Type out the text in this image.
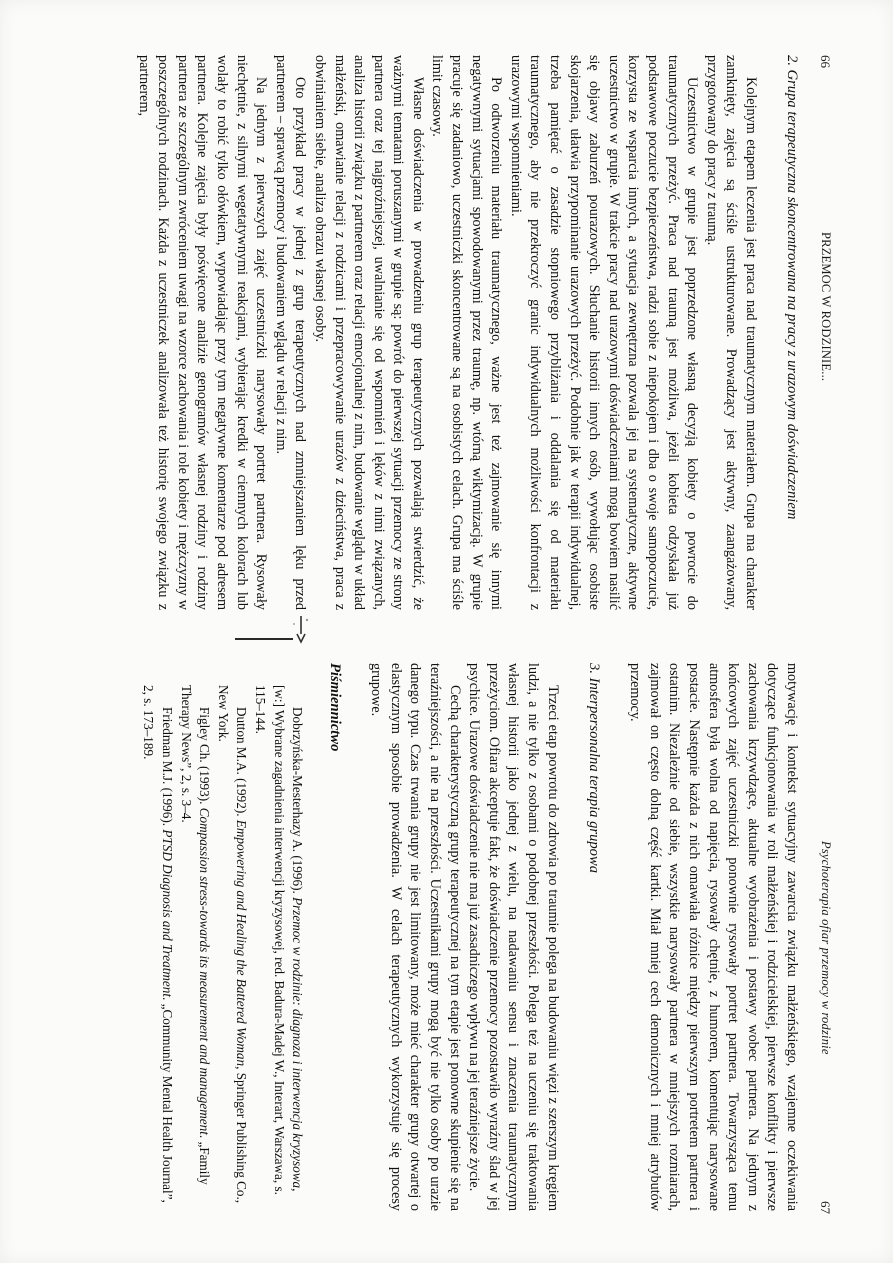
66
PRZEMOC W RODZINIE...
2. Grupa terapeutyczna skoncentrowana na pracy z urazowym doświadczeniem

Kolejnym etapem leczenia jest praca nad traumatycznym materiałem. Grupa ma charakter zamknięty, zajęcia są ściśle ustrukturowane. Prowadzący jest aktywny, zaangażowany, przygotowany do pracy z traumą.

Uczestnictwo w grupie jest poprzedzone własną decyzją kobiety o powrocie do traumatycznych przeżyć. Praca nad traumą jest możliwa, jeżeli kobieta odzyskała już podstawowe poczucie bezpieczeństwa, radzi sobie z niepokojem i dba o swoje samopoczucie, korzysta ze wsparcia innych, a sytuacja zewnętrzna pozwala jej na systematyczne, aktywne uczestnictwo w grupie. W trakcie pracy nad urazowymi doświadczeniami mogą bowiem nasilić się objawy zaburzeń pourazowych. Słuchanie historii innych osób, wywołując osobiste skojarzenia, ułatwia przypominanie urazowych przeżyć. Podobnie jak w terapii indywidualnej, trzeba pamiętać o zasadzie stopniowego przybliżania i oddalania się od materiału traumatycznego, aby nie przekroczyć granic indywidualnych możliwości konfrontacji z urazowymi wspomnieniami.

Po odtworzeniu materiału traumatycznego, ważne jest też zajmowanie się innymi negatywnymi sytuacjami spowodowanymi przez traumę, np. wtórną wiktymizacją. W grupie pracuje się zadaniowo, uczestniczki skoncentrowane są na osobistych celach. Grupa ma ściśle limit czasowy.

Własne doświadczenia w prowadzeniu grup terapeutycznych pozwalają stwierdzić, że ważnymi tematami poruszanymi w grupie są: powrót do pierwszej sytuacji przemocy ze strony partnera oraz tej najgroźniejszej, uwalnianie się od wspomnień i lęków z nimi związanych, analiza historii związku z partnerem oraz relacji emocjonalnej z nim, budowanie wglądu w układ małżeński, omawianie relacji z rodzicami i przepracowywanie urazów z dzieciństwa, praca z obwinianiem siebie, analiza obrazu własnej osoby.

Oto przykład pracy w jednej z grup terapeutycznych nad zmniejszaniem lęku przed partnerem – sprawcą przemocy i budowaniem wglądu w relacji z nim.

Na jednym z pierwszych zajęć uczestniczki narysowały portret partnera. Rysowały niechętnie, z silnymi wegetatywnymi reakcjami, wybierając kredki w ciemnych kolorach lub wolały to robić tylko ołówkiem, wypowiadając przy tym negatywne komentarze pod adresem partnera. Kolejne zajęcia były poświęcone analizie genogramów własnej rodziny i rodziny partnera ze szczególnym zwróceniem uwagi na wzorce zachowania i role kobiety i mężczyzny w poszczególnych rodzinach. Każda z uczestniczek analizowała też historię swojego związku z partnerem,

Psychoterapia ofiar przemocy w rodzinie
67

motywację i kontekst sytuacyjny zawarcia związku małżeńskiego, wzajemne oczekiwania dotyczące funkcjonowania w roli małżeńskiej i rodzicielskiej, pierwsze konflikty i pierwsze zachowania krzywdzące, aktualne wyobrażenia i postawy wobec partnera. Na jednym z końcowych zajęć uczestniczki ponownie rysowały portret partnera. Towarzysząca temu atmosfera była wolna od napięcia, rysowały chętnie, z humorem, komentując narysowane postacie. Następnie każda z nich omawiała różnice między pierwszym portretem partnera i ostatnim. Niezależnie od siebie, wszystkie narysowały partnera w mniejszych rozmiarach, zajmował on często dolną część kartki. Miał mniej cech demonicznych i mniej atrybutów przemocy.

3. Interpersonalna terapia grupowa

Trzeci etap powrotu do zdrowia po traumie polega na budowaniu więzi z szerszym kręgiem ludzi, a nie tylko z osobami o podobnej przeszłości. Polega też na uczeniu się traktowania własnej historii jako jednej z wielu, na nadawaniu sensu i znaczenia traumatycznym przeżyciom. Ofiara akceptuje fakt, że doświadczenie przemocy pozostawiło wyraźny ślad w jej psychice. Urazowe doświadczenie nie ma już zasadniczego wpływu na jej teraźniejsze życie.

Cechą charakterystyczną grupy terapeutycznej na tym etapie jest ponowne skupienie się na teraźniejszości, a nie na przeszłości. Uczestnikami grupy mogą być nie tylko osoby po urazie danego typu. Czas trwania grupy nie jest limitowany, może mieć charakter grupy otwartej o elastycznym sposobie prowadzenia. W celach terapeutycznych wykorzystuje się procesy grupowe.

Piśmiennictwo

Dobrzyńska-Mesterhazy A. (1996). Przemoc w rodzinie: diagnoza i interwencja kryzysowa, [w:] Wybrane zagadnienia interwencji kryzysowej, red. Badura-Madej W., Interart, Warszawa, s. 115–144.

Dutton M.A. (1992). Empowering and Healing the Battered Woman, Springer Publishing Co., New York.

Figley Ch. (1993). Compassion stress-towards its measurement and management. „Family Therapy News”, 2, s. 3–4.

Friedman M.J. (1996). PTSD Diagnosis and Treatment. „Community Mental Health Journal”, 2, s. 173–189.
